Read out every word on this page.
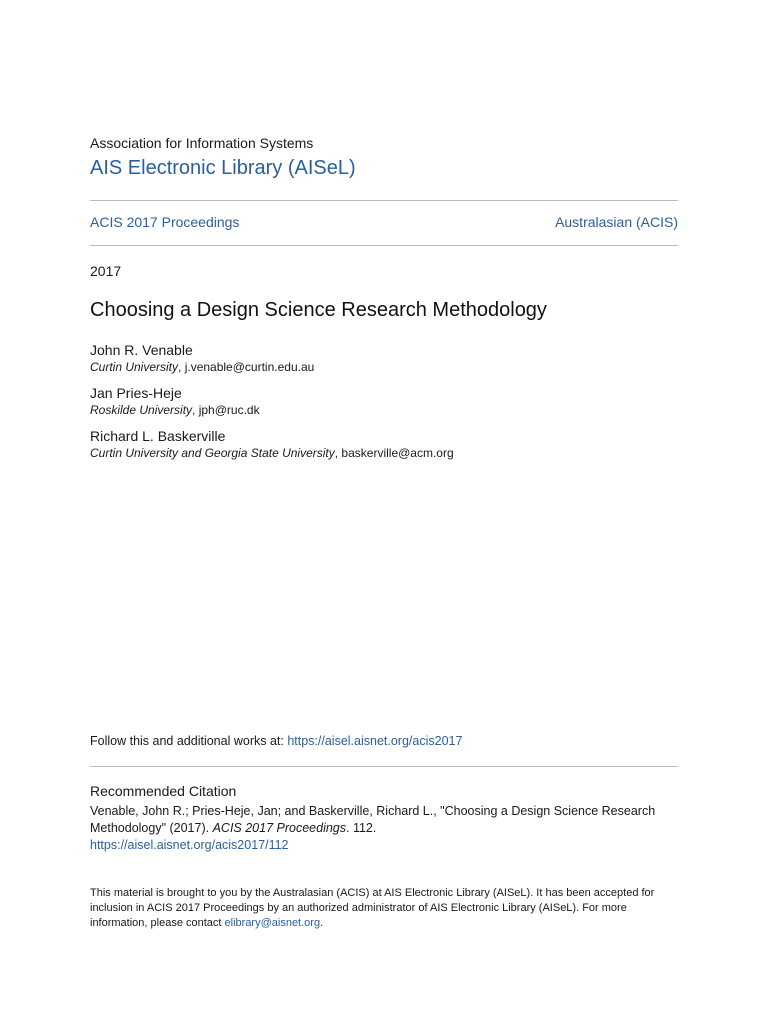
Association for Information Systems
AIS Electronic Library (AISeL)
ACIS 2017 Proceedings	Australasian (ACIS)
2017
Choosing a Design Science Research Methodology
John R. Venable
Curtin University, j.venable@curtin.edu.au
Jan Pries-Heje
Roskilde University, jph@ruc.dk
Richard L. Baskerville
Curtin University and Georgia State University, baskerville@acm.org
Follow this and additional works at: https://aisel.aisnet.org/acis2017
Recommended Citation
Venable, John R.; Pries-Heje, Jan; and Baskerville, Richard L., "Choosing a Design Science Research Methodology" (2017). ACIS 2017 Proceedings. 112.
https://aisel.aisnet.org/acis2017/112
This material is brought to you by the Australasian (ACIS) at AIS Electronic Library (AISeL). It has been accepted for inclusion in ACIS 2017 Proceedings by an authorized administrator of AIS Electronic Library (AISeL). For more information, please contact elibrary@aisnet.org.
